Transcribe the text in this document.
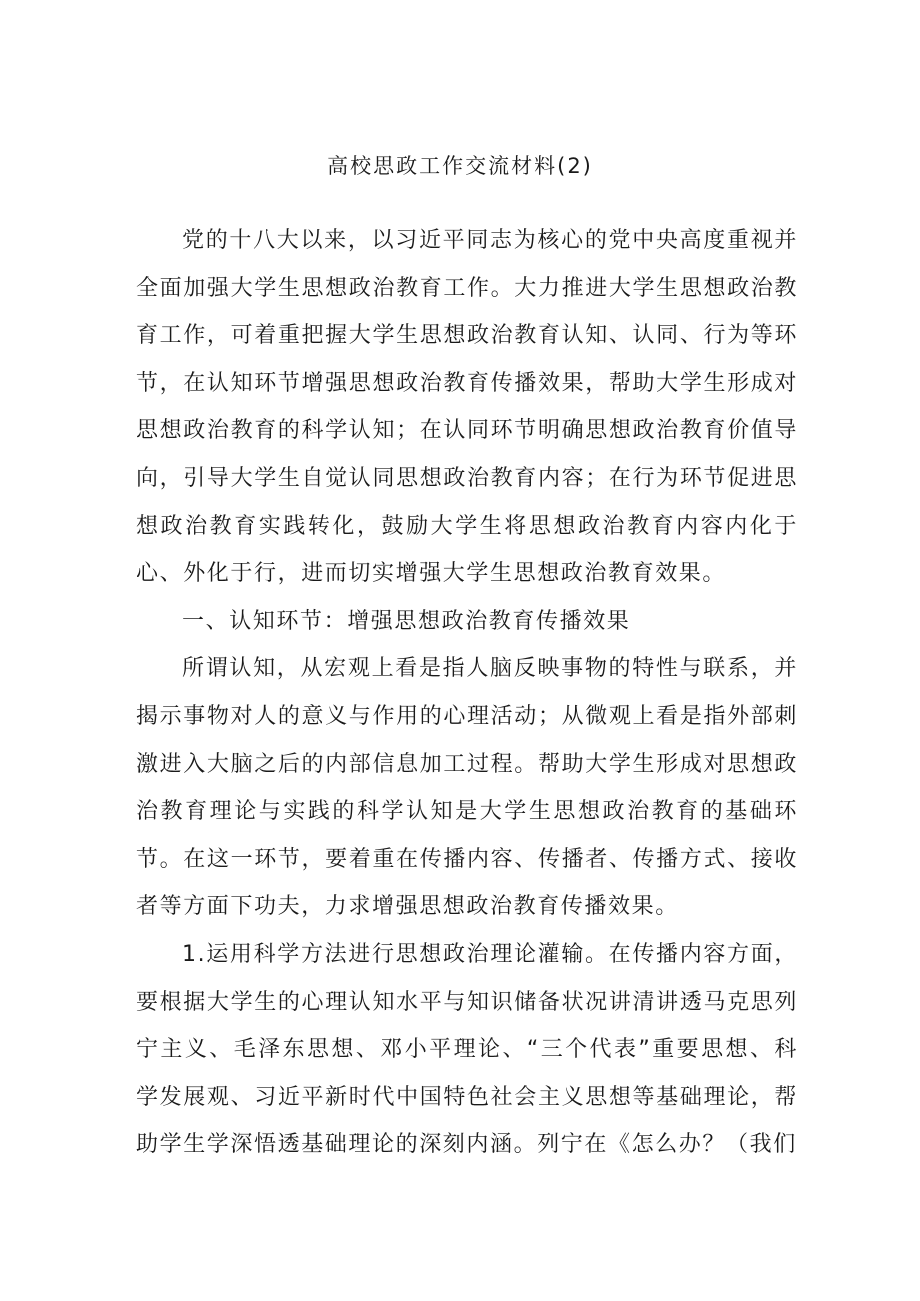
高校思政工作交流材料(2)

党的十八大以来，以习近平同志为核心的党中央高度重视并全面加强大学生思想政治教育工作。大力推进大学生思想政治教育工作，可着重把握大学生思想政治教育认知、认同、行为等环节，在认知环节增强思想政治教育传播效果，帮助大学生形成对思想政治教育的科学认知；在认同环节明确思想政治教育价值导向，引导大学生自觉认同思想政治教育内容；在行为环节促进思想政治教育实践转化，鼓励大学生将思想政治教育内容内化于心、外化于行，进而切实增强大学生思想政治教育效果。

一、认知环节：增强思想政治教育传播效果

所谓认知，从宏观上看是指人脑反映事物的特性与联系，并揭示事物对人的意义与作用的心理活动；从微观上看是指外部刺激进入大脑之后的内部信息加工过程。帮助大学生形成对思想政治教育理论与实践的科学认知是大学生思想政治教育的基础环节。在这一环节，要着重在传播内容、传播者、传播方式、接收者等方面下功夫，力求增强思想政治教育传播效果。

1.运用科学方法进行思想政治理论灌输。在传播内容方面，要根据大学生的心理认知水平与知识储备状况讲清讲透马克思列宁主义、毛泽东思想、邓小平理论、“三个代表”重要思想、科学发展观、习近平新时代中国特色社会主义思想等基础理论，帮助学生学深悟透基础理论的深刻内涵。列宁在《怎么办？（我们
